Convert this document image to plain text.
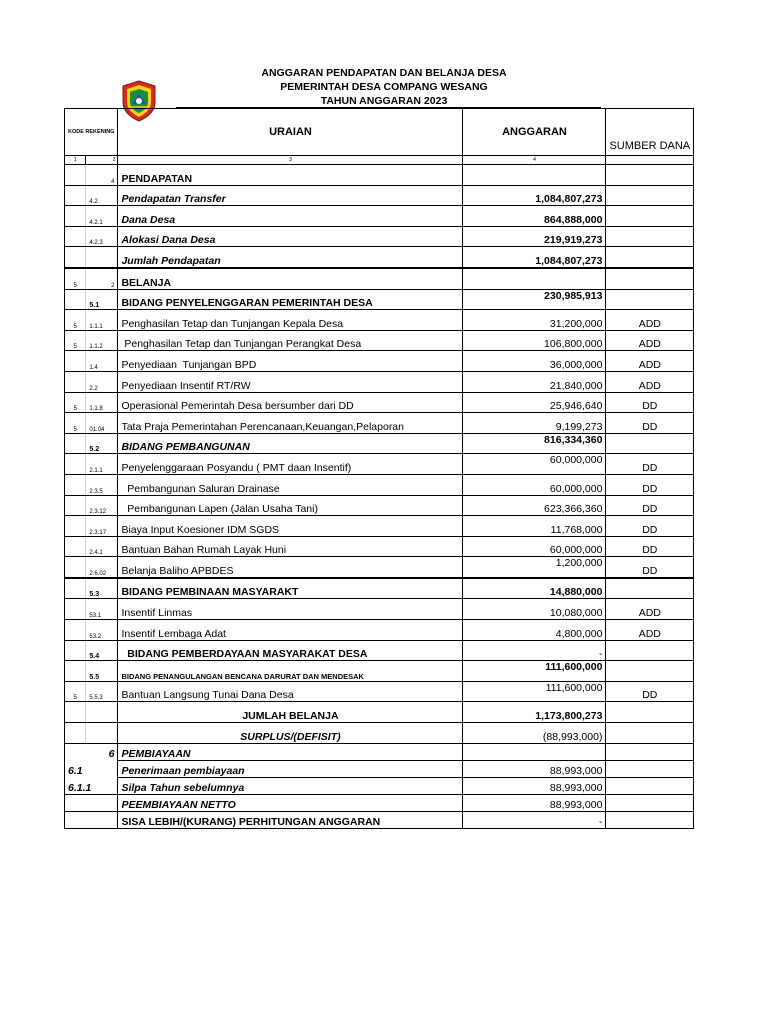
ANGGARAN PENDAPATAN DAN BELANJA DESA
PEMERINTAH DESA COMPANG WESANG
TAHUN ANGGARAN 2023
KODE REKENING		URAIAN	ANGGARAN	SUMBER DANA
1	2	3	4	
	4	PENDAPATAN		
	4.2	Pendapatan Transfer	1,084,807,273	
	4.2.1	Dana Desa	864,888,000	
	4.2.3	Alokasi Dana Desa	219,919,273	
		Jumlah Pendapatan	1,084,807,273	
5	2	BELANJA		
	5.1	BIDANG PENYELENGGARAN PEMERINTAH DESA	230,985,913	
5	1.1.1	Penghasilan Tetap dan Tunjangan Kepala Desa	31,200,000	ADD
5	1.1.2	Penghasilan Tetap dan Tunjangan Perangkat Desa	106,800,000	ADD
	1.4	Penyediaan  Tunjangan BPD	36,000,000	ADD
	2.2	Penyediaan Insentif RT/RW	21,840,000	ADD
5	1.1.8	Operasional Pemerintah Desa bersumber dari DD	25,946,640	DD
5	01.04	Tata Praja Pemerintahan Perencanaan,Keuangan,Pelaporan	9,199,273	DD
	5.2	BIDANG PEMBANGUNAN	816,334,360	
	2.1.1	Penyelenggaraan Posyandu ( PMT daan Insentif)	60,000,000	DD
	2.3.5	Pembangunan Saluran Drainase	60,000,000	DD
	2.3.12	Pembangunan Lapen (Jalan Usaha Tani)	623,366,360	DD
	2.3.17	Biaya Input Koesioner IDM SGDS	11,768,000	DD
	2.4.1	Bantuan Bahan Rumah Layak Huni	60,000,000	DD
	2.6.02	Belanja Baliho APBDES	1,200,000	DD
	5.3	BIDANG PEMBINAAN MASYARAKT	14,880,000	
	53.1	Insentif Linmas	10,080,000	ADD
	53.2	Insentif Lembaga Adat	4,800,000	ADD
	5.4	BIDANG PEMBERDAYAAN MASYARAKAT DESA	-	
	5.5	BIDANG PENANGULANGAN BENCANA DARURAT DAN MENDESAK	111,600,000	
5	5.5.3	Bantuan Langsung Tunai Dana Desa	111,600,000	DD
		JUMLAH BELANJA	1,173,800,273	
		SURPLUS/(DEFISIT)	(88,993,000)	
6		PEMBIAYAAN		
6.1		Penerimaan pembiayaan	88,993,000	
6.1.1		Silpa Tahun sebelumnya	88,993,000	
		PEEMBIAYAAN NETTO	88,993,000	
		SISA LEBIH/(KURANG) PERHITUNGAN ANGGARAN	-	
